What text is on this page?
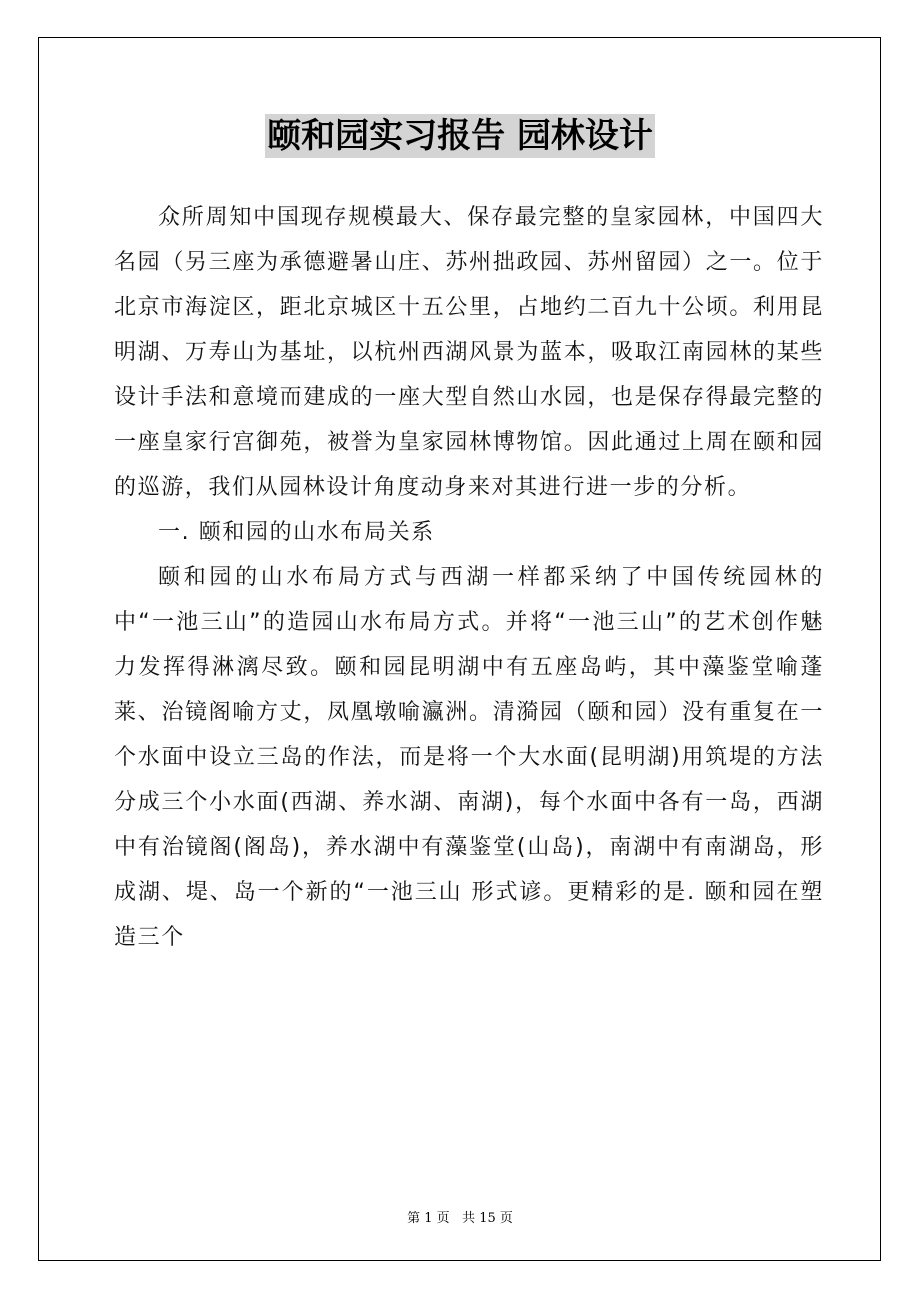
颐和园实习报告 园林设计

众所周知中国现存规模最大、保存最完整的皇家园林，中国四大名园（另三座为承德避暑山庄、苏州拙政园、苏州留园）之一。位于北京市海淀区，距北京城区十五公里，占地约二百九十公顷。利用昆明湖、万寿山为基址，以杭州西湖风景为蓝本，吸取江南园林的某些设计手法和意境而建成的一座大型自然山水园，也是保存得最完整的一座皇家行宫御苑，被誉为皇家园林博物馆。因此通过上周在颐和园的巡游，我们从园林设计角度动身来对其进行进一步的分析。

一. 颐和园的山水布局关系

颐和园的山水布局方式与西湖一样都采纳了中国传统园林的中“一池三山”的造园山水布局方式。并将“一池三山”的艺术创作魅力发挥得淋漓尽致。颐和园昆明湖中有五座岛屿，其中藻鉴堂喻蓬莱、治镜阁喻方丈，凤凰墩喻瀛洲。清漪园（颐和园）没有重复在一个水面中设立三岛的作法，而是将一个大水面(昆明湖)用筑堤的方法分成三个小水面(西湖、养水湖、南湖)，每个水面中各有一岛，西湖中有治镜阁(阁岛)，养水湖中有藻鉴堂(山岛)，南湖中有南湖岛，形成湖、堤、岛一个新的“一池三山 形式谚。更精彩的是. 颐和园在塑造三个

第 1 页   共 15 页
